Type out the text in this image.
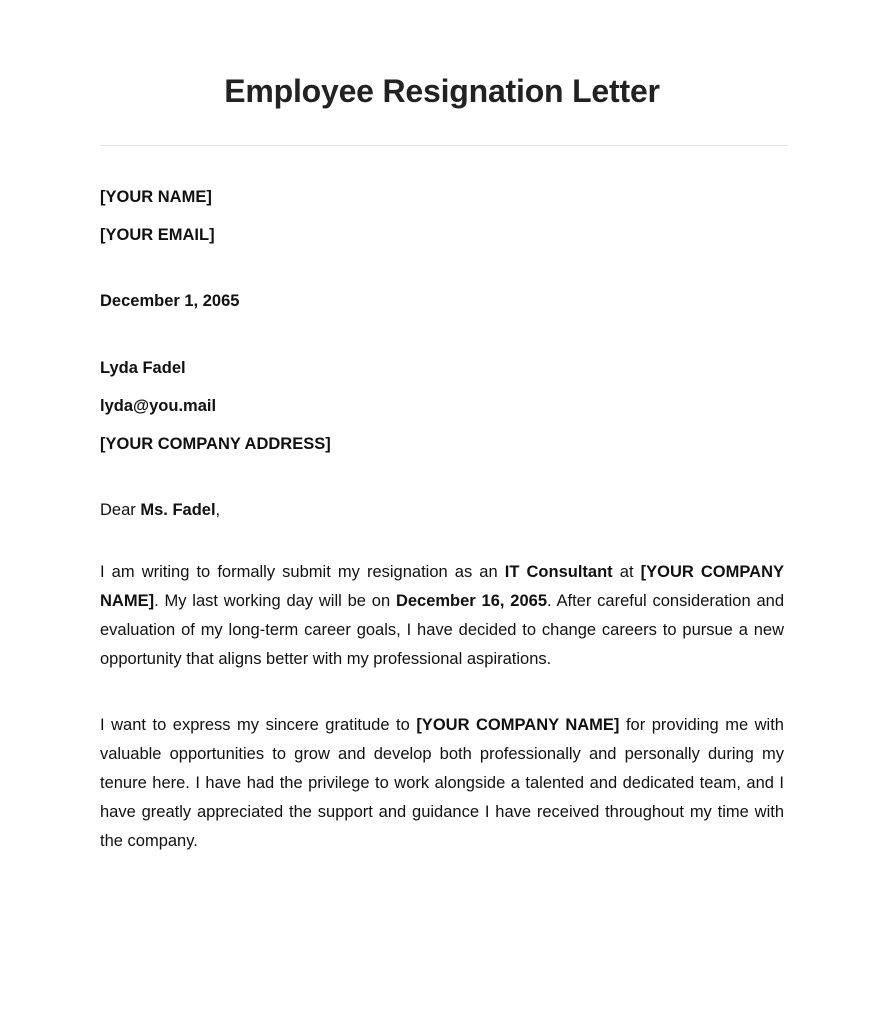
Employee Resignation Letter

[YOUR NAME]

[YOUR EMAIL]

December 1, 2065

Lyda Fadel

lyda@you.mail

[YOUR COMPANY ADDRESS]

Dear Ms. Fadel,

I am writing to formally submit my resignation as an IT Consultant at [YOUR COMPANY NAME]. My last working day will be on December 16, 2065. After careful consideration and evaluation of my long-term career goals, I have decided to change careers to pursue a new opportunity that aligns better with my professional aspirations.

I want to express my sincere gratitude to [YOUR COMPANY NAME] for providing me with valuable opportunities to grow and develop both professionally and personally during my tenure here. I have had the privilege to work alongside a talented and dedicated team, and I have greatly appreciated the support and guidance I have received throughout my time with the company.
